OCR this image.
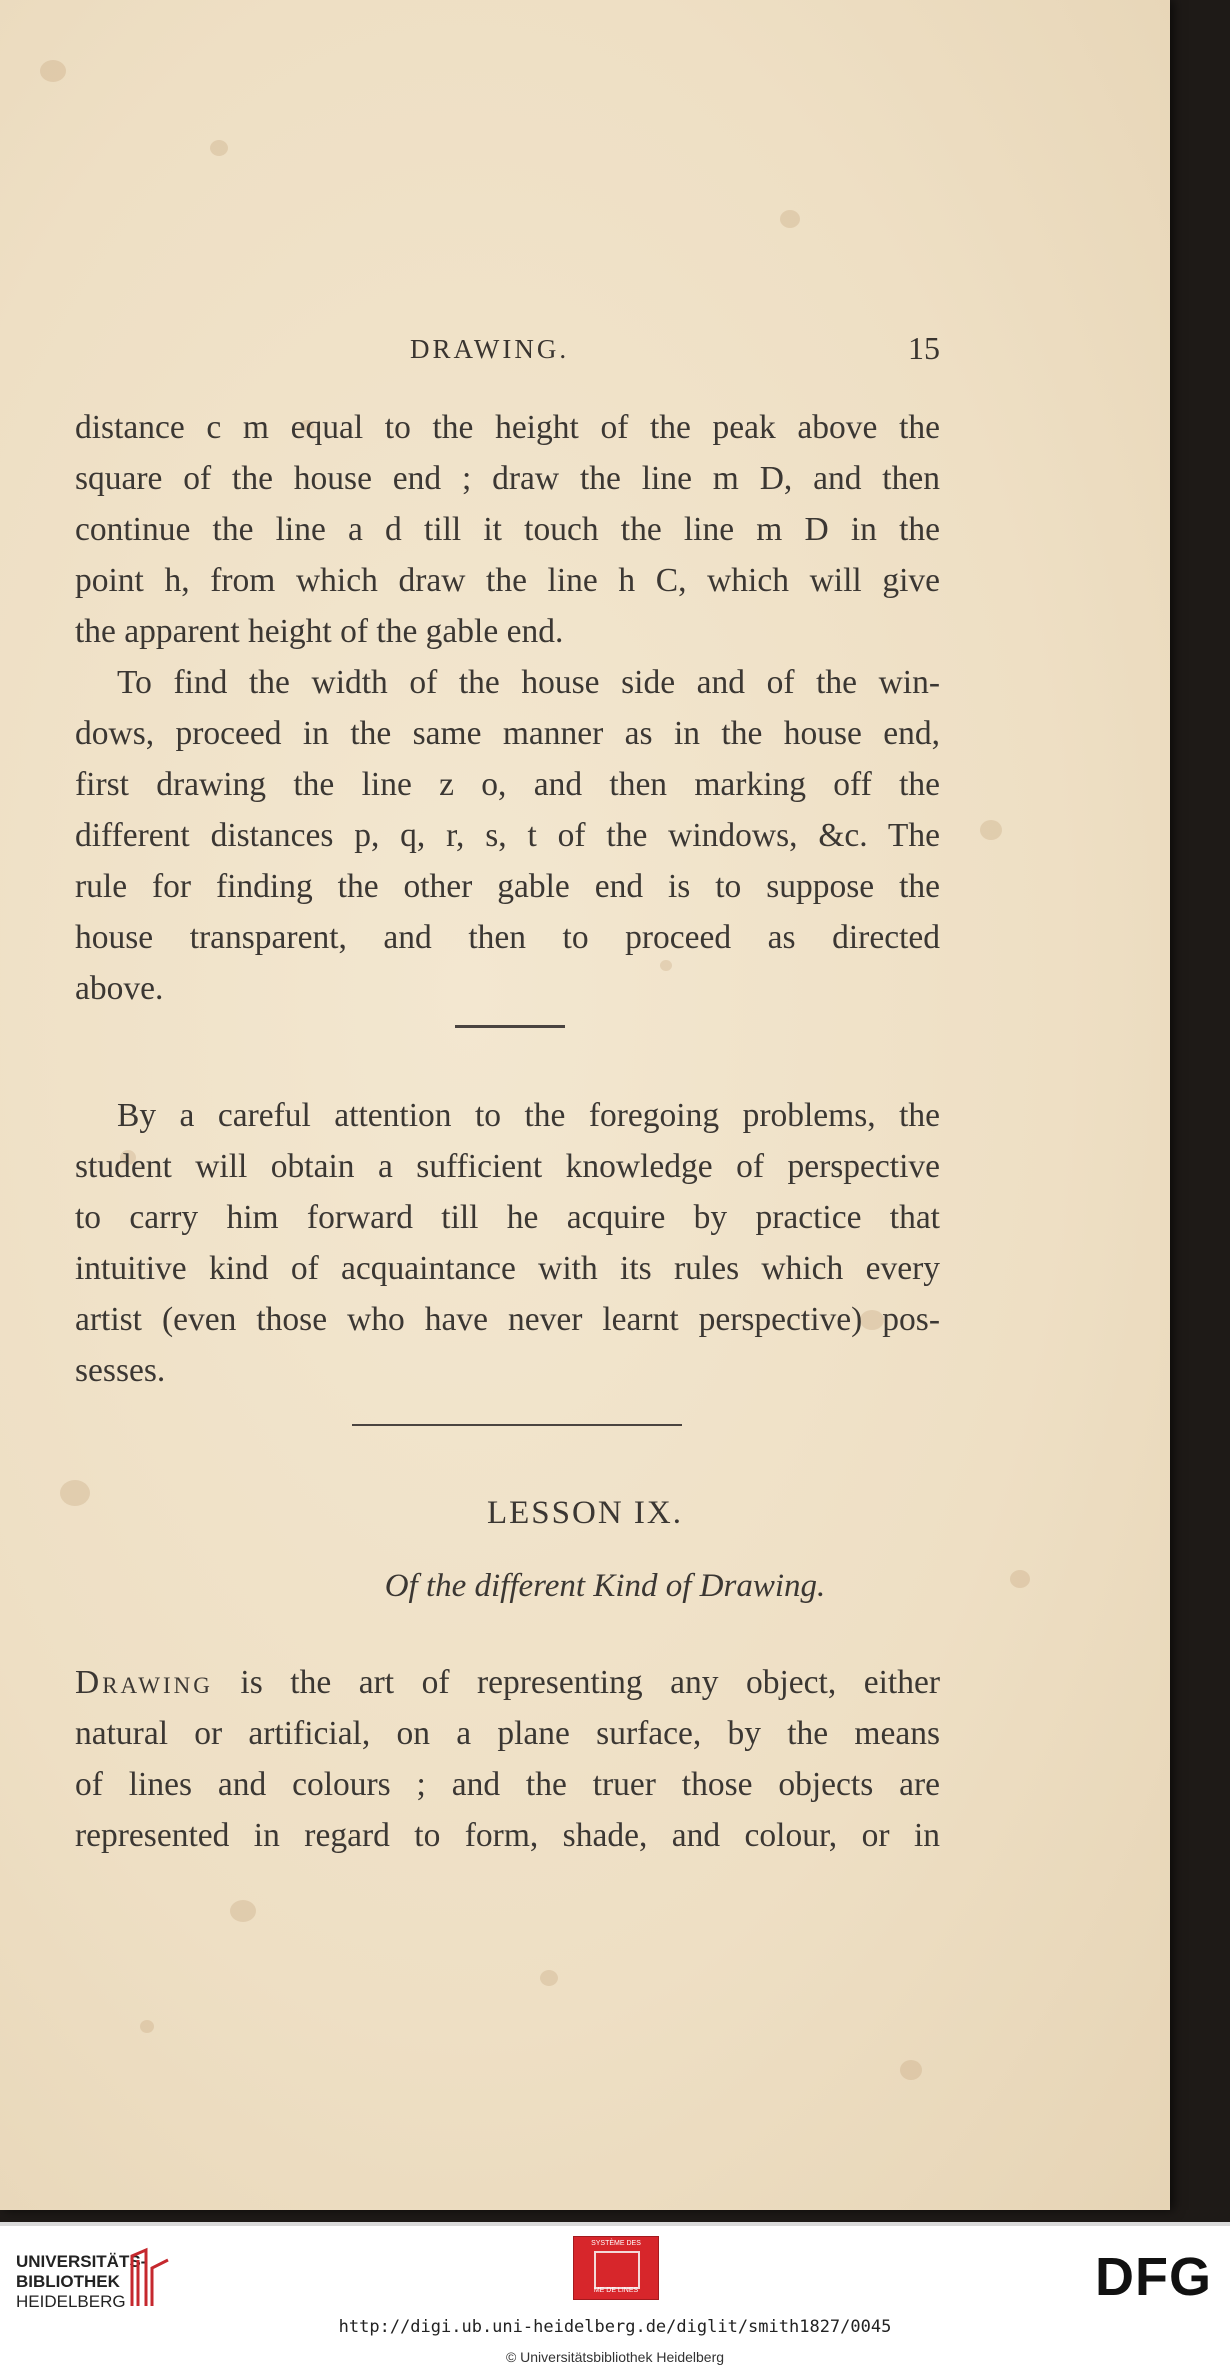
DRAWING.	15
distance c m equal to the height of the peak above the
square of the house end ; draw the line m D, and then
continue the line a d till it touch the line m D in the
point h, from which draw the line h C, which will give
the apparent height of the gable end.
To find the width of the house side and of the win-
dows, proceed in the same manner as in the house end,
first drawing the line z o, and then marking off the
different distances p, q, r, s, t of the windows, &c. The
rule for finding the other gable end is to suppose the
house transparent, and then to proceed as directed
above.
By a careful attention to the foregoing problems, the
student will obtain a sufficient knowledge of perspective
to carry him forward till he acquire by practice that
intuitive kind of acquaintance with its rules which every
artist (even those who have never learnt perspective) pos-
sesses.
LESSON IX.
Of the different Kind of Drawing.
Drawing is the art of representing any object, either
natural or artificial, on a plane surface, by the means
of lines and colours ; and the truer those objects are
represented in regard to form, shade, and colour, or in
UNIVERSITÄTS-
BIBLIOTHEK
HEIDELBERG
SYSTÈME DES
ME DE LINES	DFG
http://digi.ub.uni-heidelberg.de/diglit/smith1827/0045
© Universitätsbibliothek Heidelberg
